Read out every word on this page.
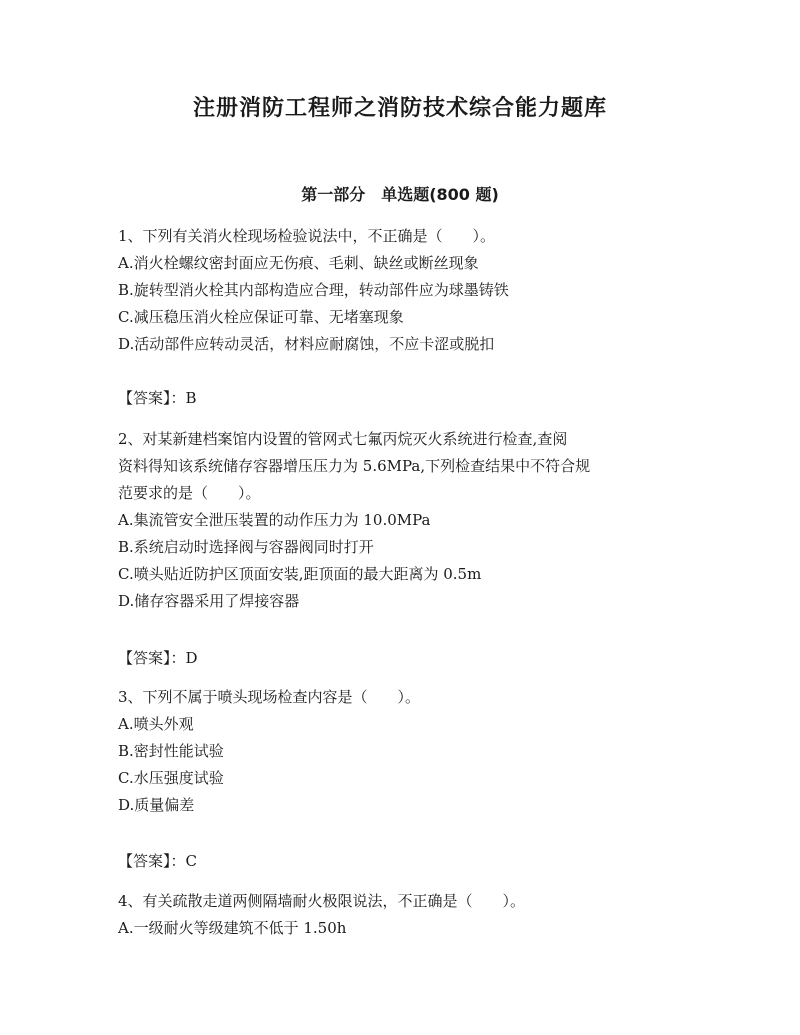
注册消防工程师之消防技术综合能力题库
第一部分　单选题(800 题)
1、下列有关消火栓现场检验说法中，不正确是（　　）。
A.消火栓螺纹密封面应无伤痕、毛刺、缺丝或断丝现象
B.旋转型消火栓其内部构造应合理，转动部件应为球墨铸铁
C.减压稳压消火栓应保证可靠、无堵塞现象
D.活动部件应转动灵活，材料应耐腐蚀，不应卡涩或脱扣
【答案】：B
2、对某新建档案馆内设置的管网式七氟丙烷灭火系统进行检查,查阅
资料得知该系统储存容器增压压力为 5.6MPa,下列检查结果中不符合规
范要求的是（　　）。
A.集流管安全泄压装置的动作压力为 10.0MPa
B.系统启动时选择阀与容器阀同时打开
C.喷头贴近防护区顶面安装,距顶面的最大距离为 0.5m
D.储存容器采用了焊接容器
【答案】：D
3、下列不属于喷头现场检查内容是（　　）。
A.喷头外观
B.密封性能试验
C.水压强度试验
D.质量偏差
【答案】：C
4、有关疏散走道两侧隔墙耐火极限说法，不正确是（　　）。
A.一级耐火等级建筑不低于 1.50h
